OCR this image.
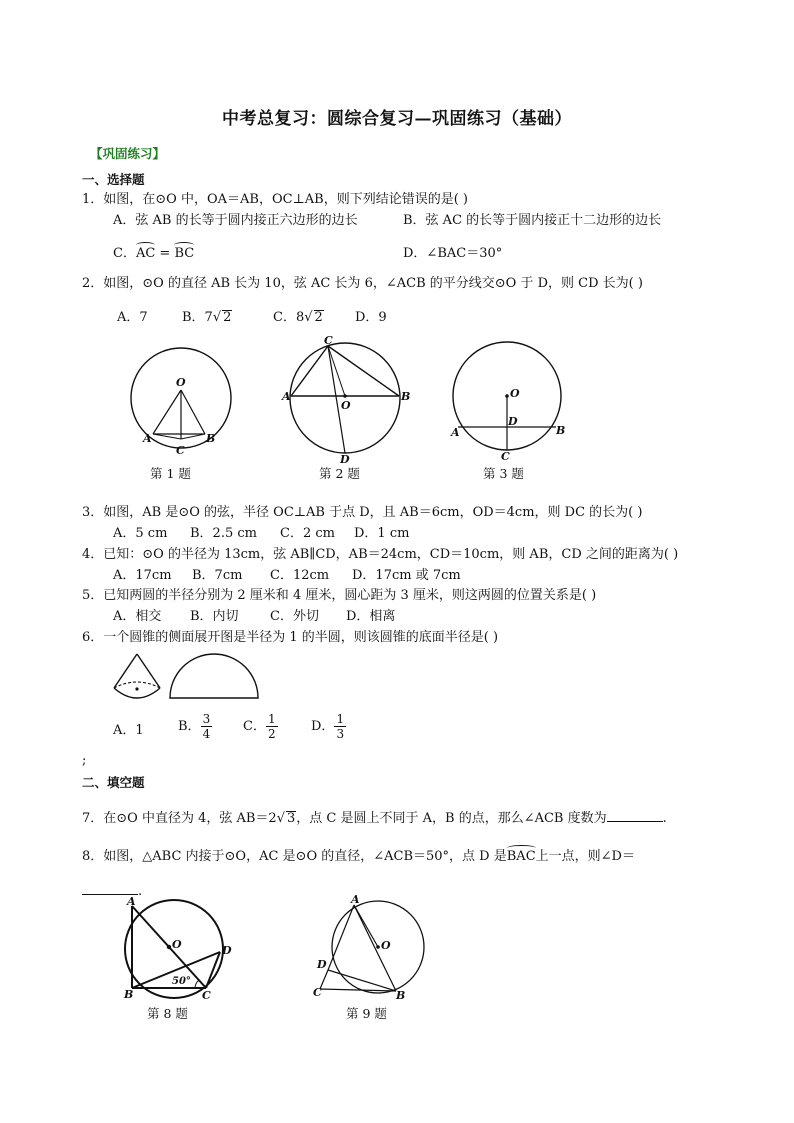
中考总复习：圆综合复习—巩固练习（基础）
【巩固练习】
一、选择题
1．如图，在⊙O 中，OA＝AB，OC⊥AB，则下列结论错误的是( )
A．弦 AB 的长等于圆内接正六边形的边长	B．弦 AC 的长等于圆内接正十二边形的边长
C．AC = BC	D．∠BAC＝30°
2．如图，⊙O 的直径 AB 长为 10，弦 AC 长为 6，∠ACB 的平分线交⊙O 于 D，则 CD 长为( )
A．7	B．7√ 2	C．8√ 2 D．9
O
A	B
C
第 1 题
C
A	B
O
D
第 2 题
O
D
A	B
C
第 3 题
3．如图，AB 是⊙O 的弦，半径 OC⊥AB 于点 D，且 AB＝6cm，OD＝4cm，则 DC 的长为( )
A．5 cm B．2.5 cm C．2 cm D．1 cm
4．已知：⊙O 的半径为 13cm，弦 AB∥CD，AB＝24cm，CD＝10cm，则 AB，CD 之间的距离为( )
A．17cm B．7cm C．12cm D．17cm 或 7cm
5．已知两圆的半径分别为 2 厘米和 4 厘米，圆心距为 3 厘米，则这两圆的位置关系是( )
A．相交 B．内切 C．外切 D．相离
6．一个圆锥的侧面展开图是半径为 1 的半圆，则该圆锥的底面半径是( )
A．1	B． $\frac{3}{4}$ C． $\frac{1}{2}$	D． $\frac{1}{3}$
;
二、填空题
7．在⊙O 中直径为 4，弦 AB＝2√ 3，点 C 是圆上不同于 A，B 的点，那么∠ACB 度数为	.
8．如图，△ABC 内接于⊙O，AC 是⊙O 的直径，∠ACB＝50°，点 D 是BAC上一点，则∠D＝
.
A
O	D
B	C
50°
第 8 题
A
O
D
C	B
第 9 题
